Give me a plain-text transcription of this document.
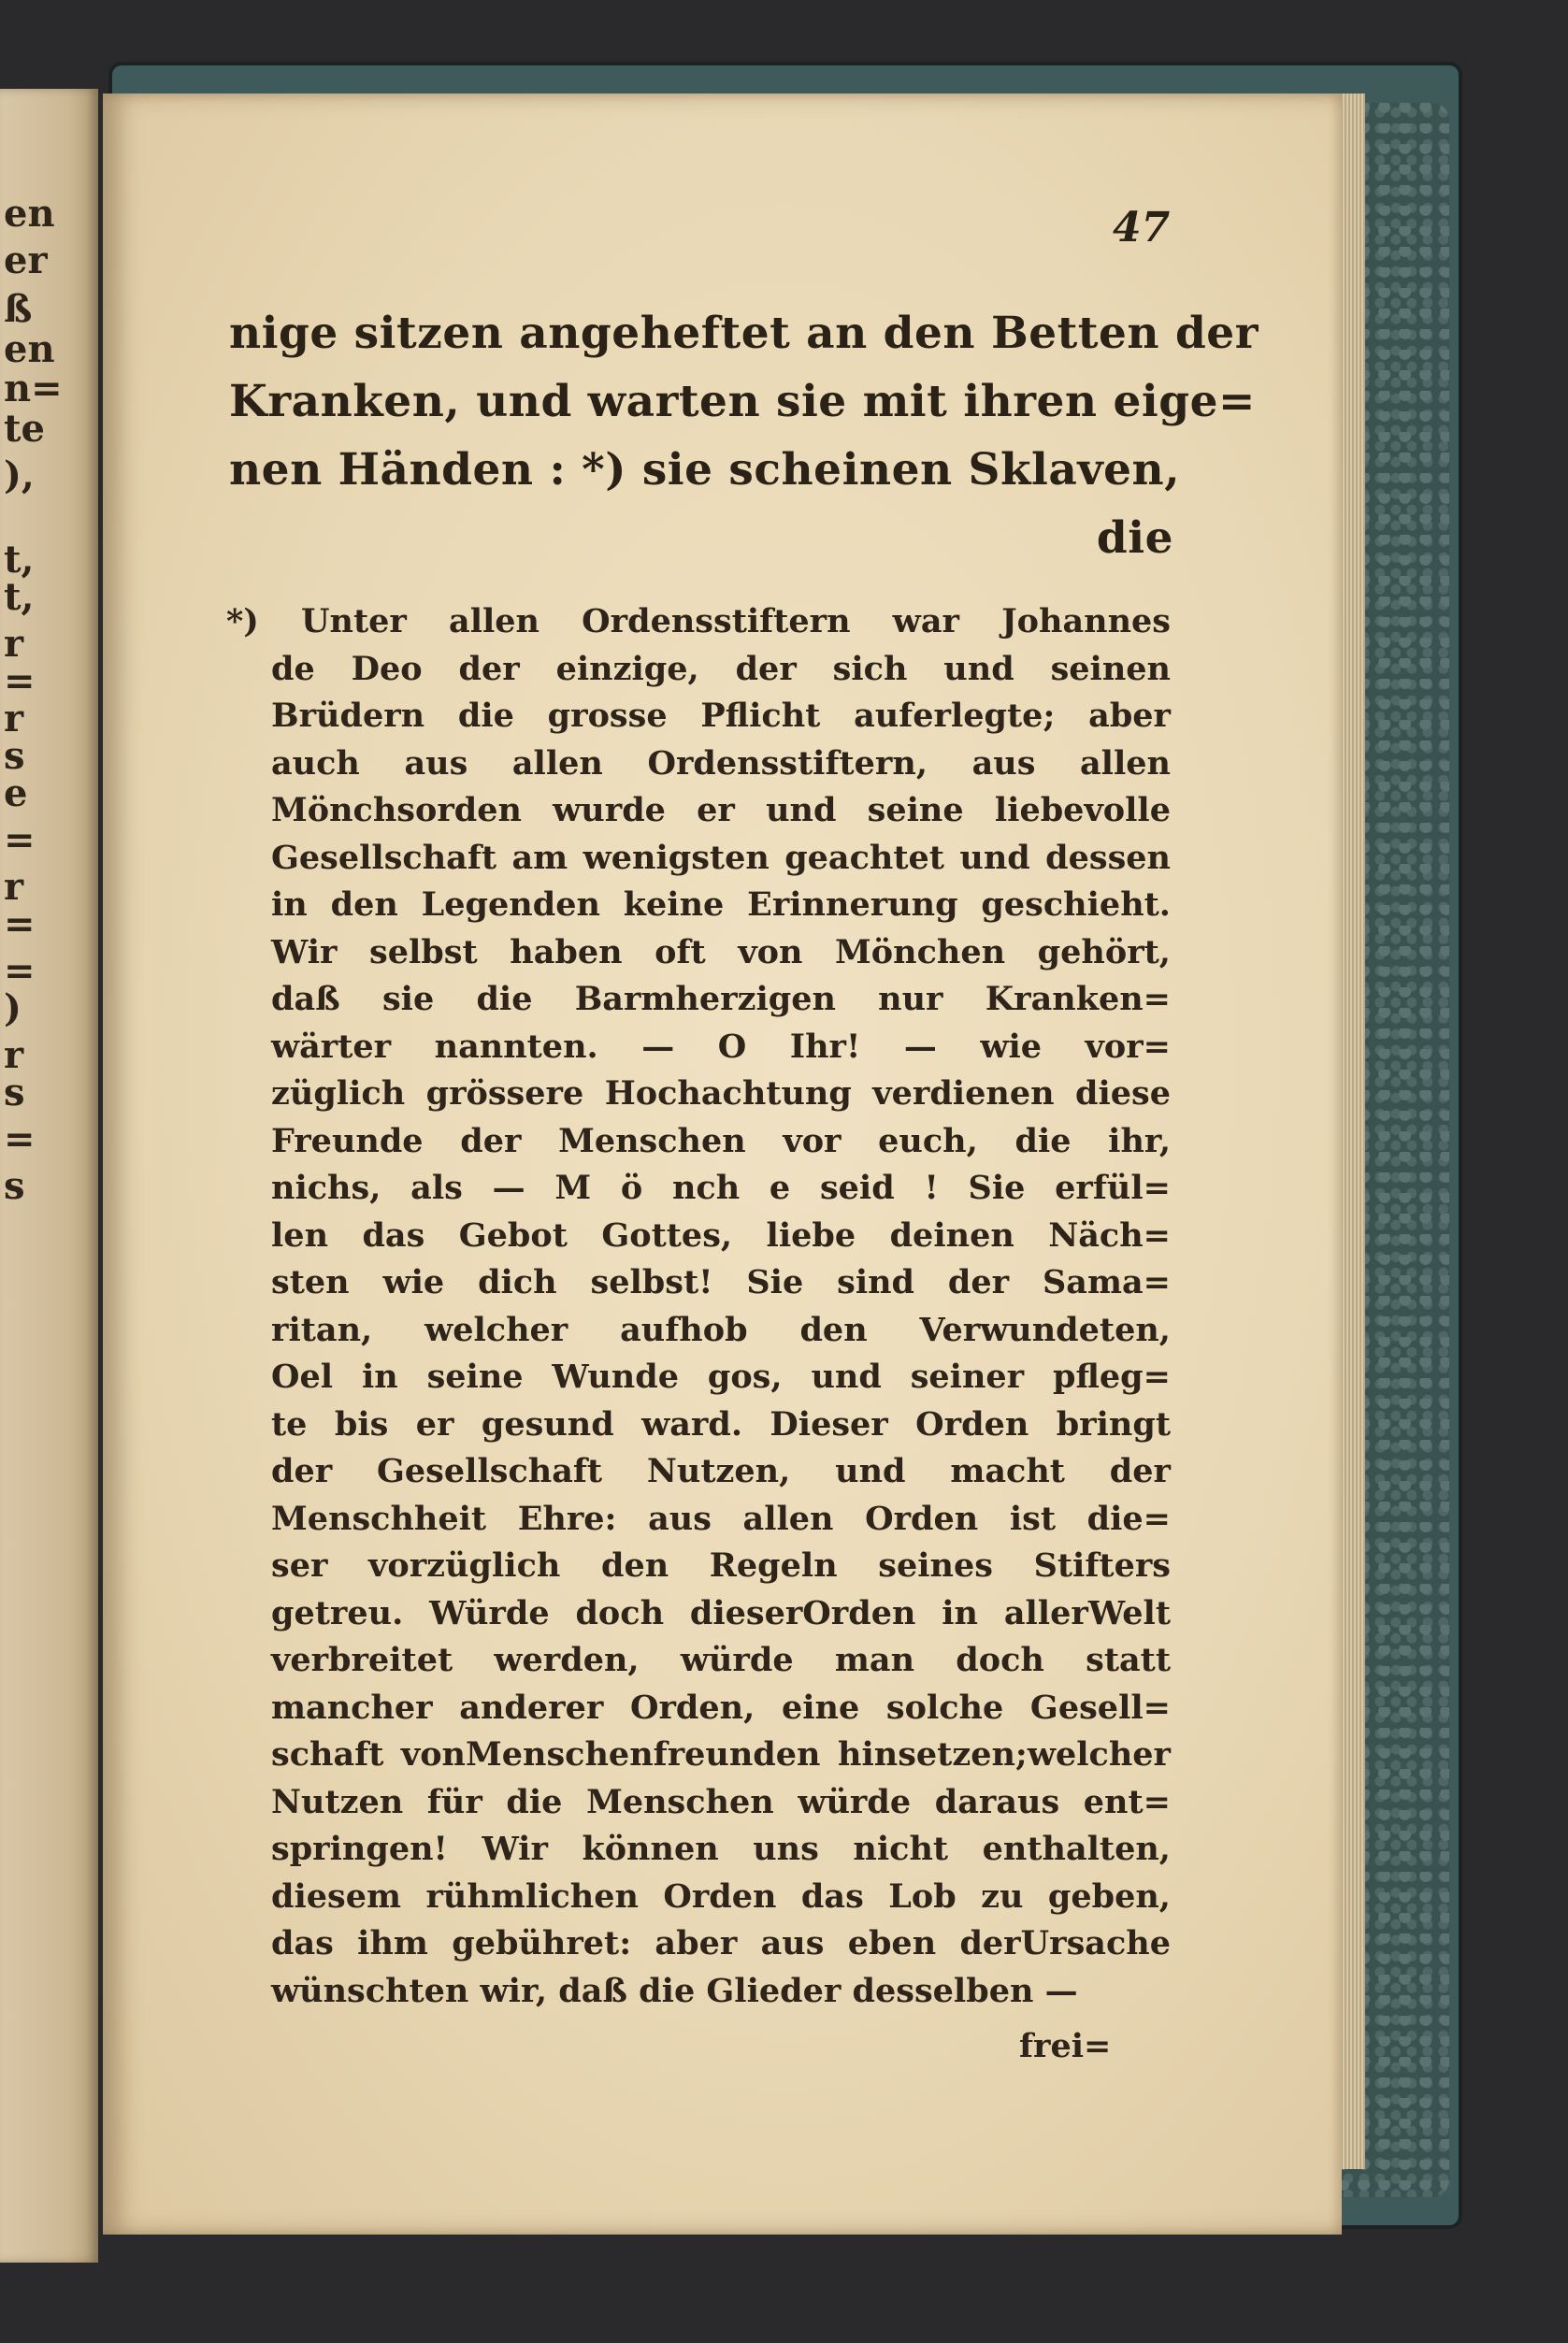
en
er
ß
en
n=
te
),
t,
t,
r
=
r
s
e
=
r
=
=
)
r
s
=
s
47
nige sitzen angeheftet an den Betten der
Kranken, und warten sie mit ihren eige=
nen Händen : *) sie scheinen Sklaven,
die
*) Unter allen Ordensstiftern war Johannes
de Deo der einzige, der sich und seinen
Brüdern die grosse Pflicht auferlegte; aber
auch aus allen Ordensstiftern, aus allen
Mönchsorden wurde er und seine liebevolle
Gesellschaft am wenigsten geachtet und dessen
in den Legenden keine Erinnerung geschieht.
Wir selbst haben oft von Mönchen gehört,
daß sie die Barmherzigen nur Kranken=
wärter nannten. — O Ihr! — wie vor=
züglich grössere Hochachtung verdienen diese
Freunde der Menschen vor euch, die ihr,
nichs, als — M ö nch e seid ! Sie erfül=
len das Gebot Gottes, liebe deinen Näch=
sten wie dich selbst! Sie sind der Sama=
ritan, welcher aufhob den Verwundeten,
Oel in seine Wunde gos, und seiner pfleg=
te bis er gesund ward. Dieser Orden bringt
der Gesellschaft Nutzen, und macht der
Menschheit Ehre: aus allen Orden ist die=
ser vorzüglich den Regeln seines Stifters
getreu. Würde doch dieserOrden in allerWelt
verbreitet werden, würde man doch statt
mancher anderer Orden, eine solche Gesell=
schaft vonMenschenfreunden hinsetzen;welcher
Nutzen für die Menschen würde daraus ent=
springen! Wir können uns nicht enthalten,
diesem rühmlichen Orden das Lob zu geben,
das ihm gebühret: aber aus eben derUrsache
wünschten wir, daß die Glieder desselben —
frei=
